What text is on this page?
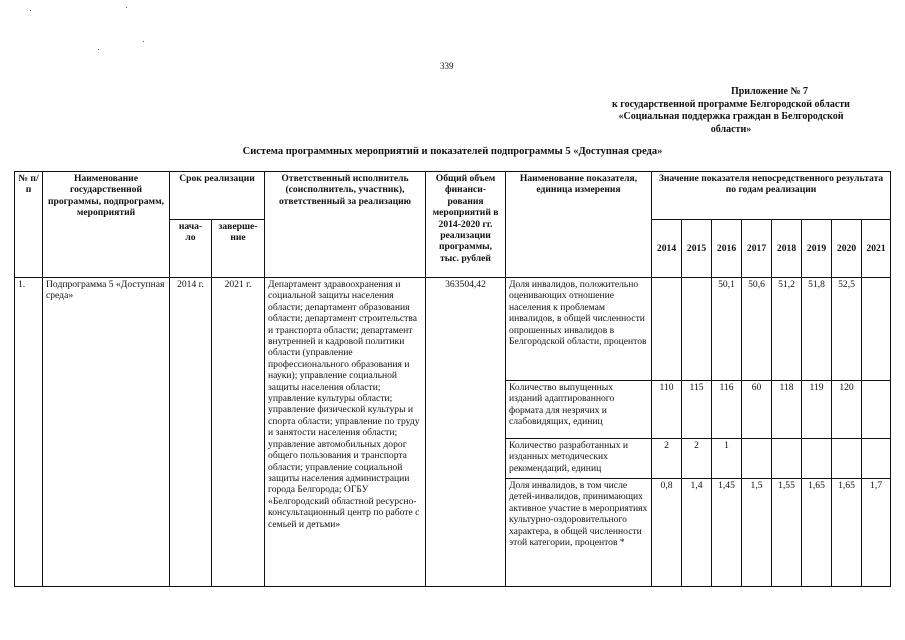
339
Приложение № 7
к государственной программе Белгородской области
«Социальная поддержка граждан в Белгородской
области»
Система программных мероприятий и показателей подпрограммы 5 «Доступная среда»
№ п/п	Наименование государственной программы, подпрограмм, мероприятий	Срок реализации		Ответственный исполнитель (соисполнитель, участник), ответственный за реализацию	Общий объем финанси- рования мероприятий в 2014-2020 гг. реализации программы, тыс. рублей	Наименование показателя, единица измерения	Значение показателя непосредственного результата по годам реализации							
		нача- ло	заверше- ние				2014	2015	2016	2017	2018	2019	2020	2021
1.	Подпрограмма 5 «Доступная среда»	2014 г.	2021 г.	Департамент здравоохранения и социальной защиты населения области; департамент образования области; департамент строительства и транспорта области; департамент внутренней и кадровой политики области (управление профессионального образования и науки); управление социальной защиты населения области; управление культуры области; управление физической культуры и спорта области; управление по труду и занятости населения области; управление автомобильных дорог общего пользования и транспорта области; управление социальной защиты населения администрации города Белгорода; ОГБУ «Белгородский областной ресурсно-консультационный центр по работе с семьей и детьми»	363504,42	Доля инвалидов, положительно оценивающих отношение населения к проблемам инвалидов, в общей численности опрошенных инвалидов в Белгородской области, процентов			50,1	50,6	51,2	51,8	52,5	
						Количество выпущенных изданий адаптированного формата для незрячих и слабовидящих, единиц	110	115	116	60	118	119	120	
						Количество разработанных и изданных методических рекомендаций, единиц	2	2	1					
						Доля инвалидов, в том числе детей-инвалидов, принимающих активное участие в мероприятиях культурно-оздоровительного характера, в общей численности этой категории, процентов *	0,8	1,4	1,45	1,5	1,55	1,65	1,65	1,7
